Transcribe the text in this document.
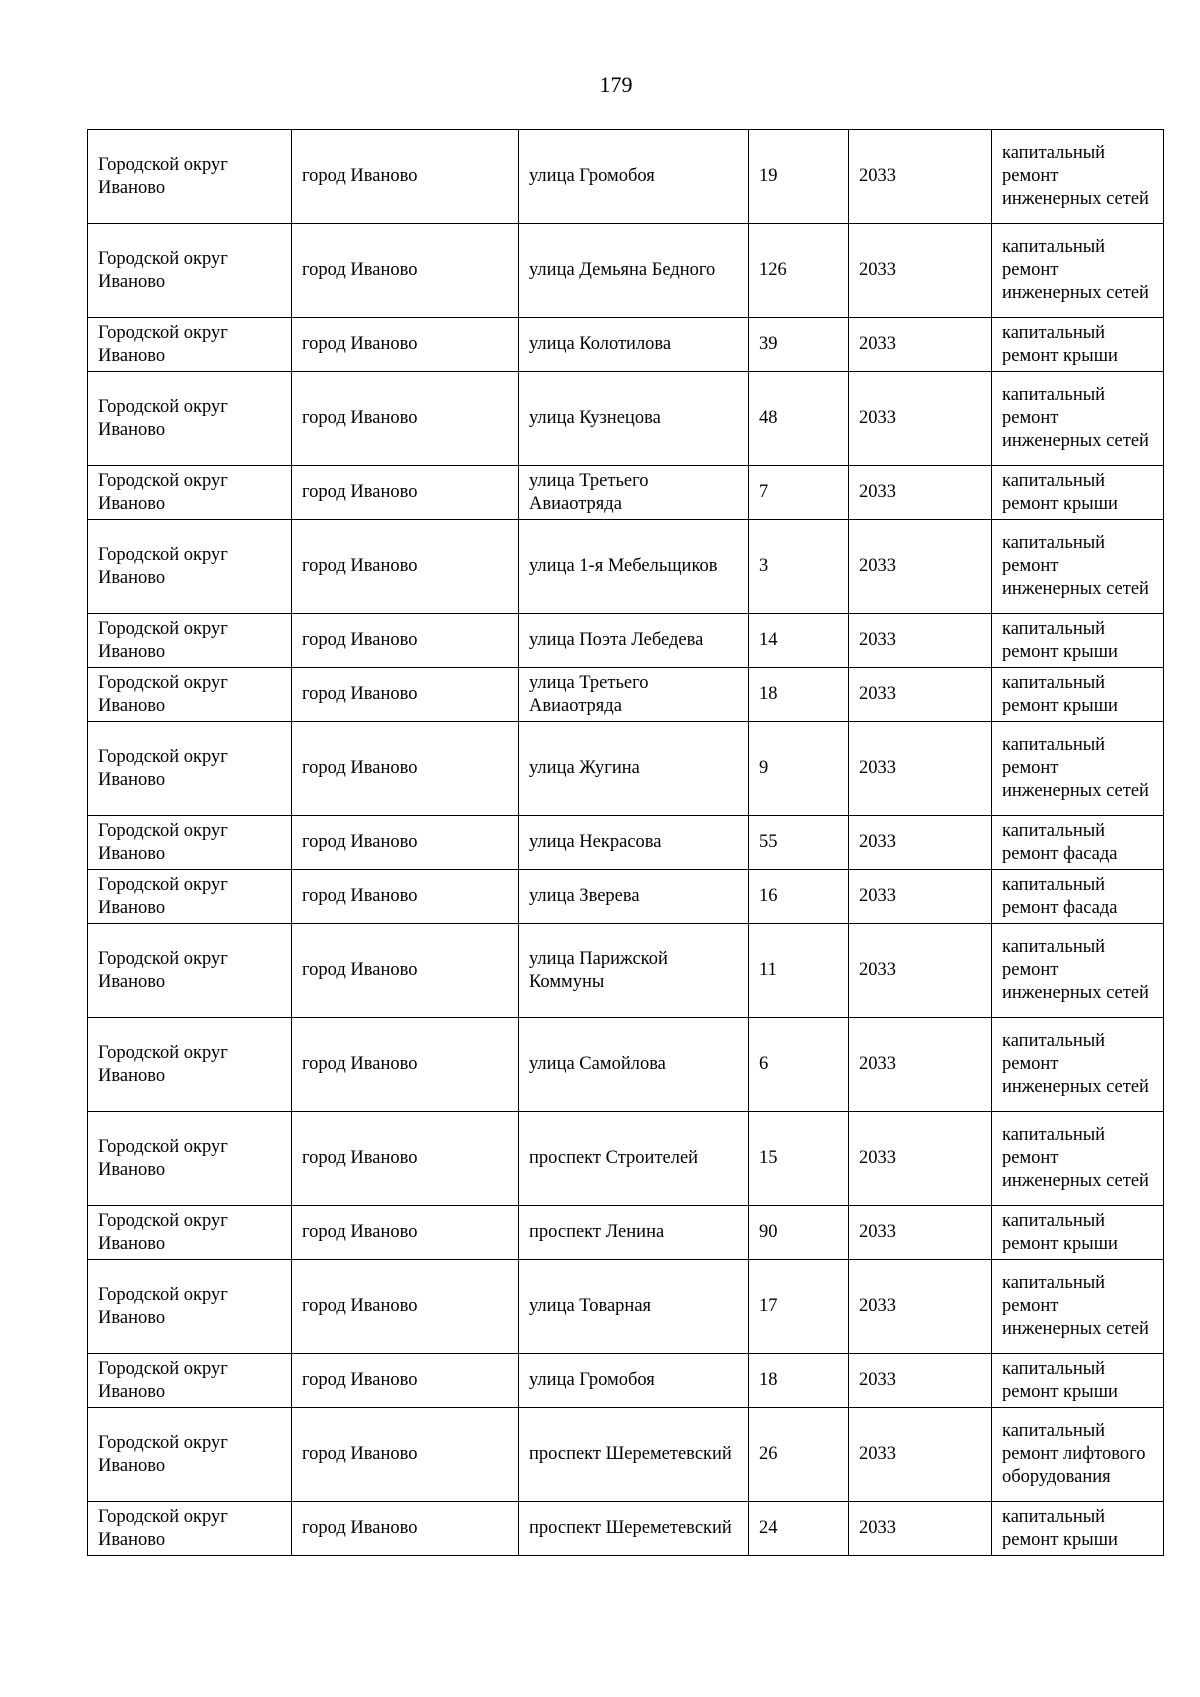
179
Городской округ Иваново	город Иваново	улица Громобоя	19	2033	капитальный ремонт инженерных сетей
Городской округ Иваново	город Иваново	улица Демьяна Бедного	126	2033	капитальный ремонт инженерных сетей
Городской округ Иваново	город Иваново	улица Колотилова	39	2033	капитальный ремонт крыши
Городской округ Иваново	город Иваново	улица Кузнецова	48	2033	капитальный ремонт инженерных сетей
Городской округ Иваново	город Иваново	улица Третьего Авиаотряда	7	2033	капитальный ремонт крыши
Городской округ Иваново	город Иваново	улица 1-я Мебельщиков	3	2033	капитальный ремонт инженерных сетей
Городской округ Иваново	город Иваново	улица Поэта Лебедева	14	2033	капитальный ремонт крыши
Городской округ Иваново	город Иваново	улица Третьего Авиаотряда	18	2033	капитальный ремонт крыши
Городской округ Иваново	город Иваново	улица Жугина	9	2033	капитальный ремонт инженерных сетей
Городской округ Иваново	город Иваново	улица Некрасова	55	2033	капитальный ремонт фасада
Городской округ Иваново	город Иваново	улица Зверева	16	2033	капитальный ремонт фасада
Городской округ Иваново	город Иваново	улица Парижской Коммуны	11	2033	капитальный ремонт инженерных сетей
Городской округ Иваново	город Иваново	улица Самойлова	6	2033	капитальный ремонт инженерных сетей
Городской округ Иваново	город Иваново	проспект Строителей	15	2033	капитальный ремонт инженерных сетей
Городской округ Иваново	город Иваново	проспект Ленина	90	2033	капитальный ремонт крыши
Городской округ Иваново	город Иваново	улица Товарная	17	2033	капитальный ремонт инженерных сетей
Городской округ Иваново	город Иваново	улица Громобоя	18	2033	капитальный ремонт крыши
Городской округ Иваново	город Иваново	проспект Шереметевский	26	2033	капитальный ремонт лифтового оборудования
Городской округ Иваново	город Иваново	проспект Шереметевский	24	2033	капитальный ремонт крыши
